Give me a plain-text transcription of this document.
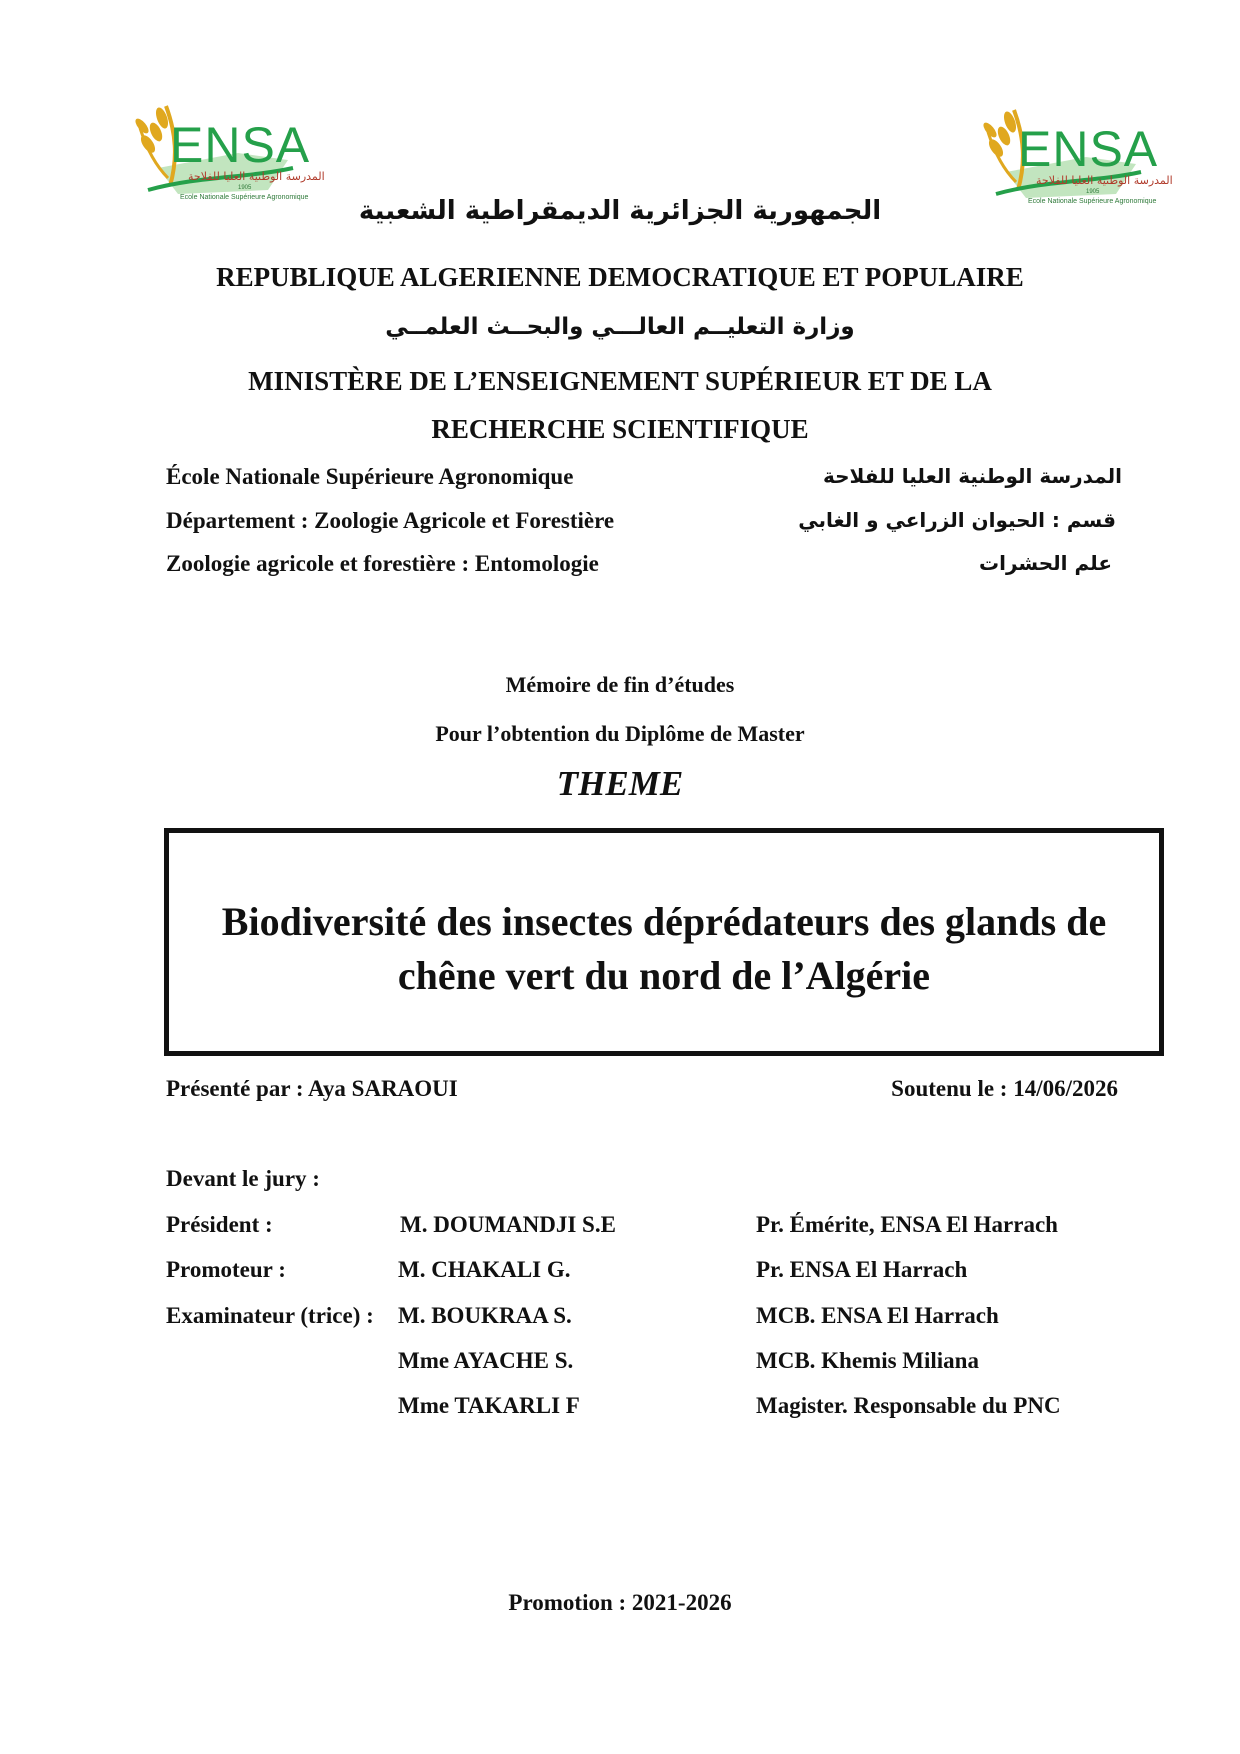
ENSA
المدرسة الوطنية العليا للفلاحة
1905
Ecole Nationale Supérieure Agronomique
ENSA
المدرسة الوطنية العليا للفلاحة
1905
Ecole Nationale Supérieure Agronomique
الجمهورية الجزائرية الديمقراطية الشعبية
REPUBLIQUE ALGERIENNE DEMOCRATIQUE ET POPULAIRE
وزارة التعليــم العالـــي والبحــث العلمــي
MINISTÈRE DE L’ENSEIGNEMENT SUPÉRIEUR ET DE LA
RECHERCHE SCIENTIFIQUE
École Nationale Supérieure Agronomique	المدرسة الوطنية العليا للفلاحة
Département : Zoologie Agricole et Forestière	قسم : الحيوان الزراعي و الغابي
Zoologie agricole et forestière : Entomologie	علم الحشرات
Mémoire de fin d’études
Pour l’obtention du Diplôme de Master
THEME
Biodiversité des insectes déprédateurs des glands de
chêne vert du nord de l’Algérie
Présenté par : Aya SARAOUI	Soutenu le : 14/06/2026
Devant le jury :
Président :	M. DOUMANDJI S.E	Pr. Émérite, ENSA El Harrach
Promoteur :	M. CHAKALI G.	Pr. ENSA El Harrach
Examinateur (trice) : M. BOUKRAA S.	MCB. ENSA El Harrach
Mme AYACHE S.	MCB. Khemis Miliana
Mme TAKARLI F	Magister. Responsable du PNC
Promotion : 2021-2026
